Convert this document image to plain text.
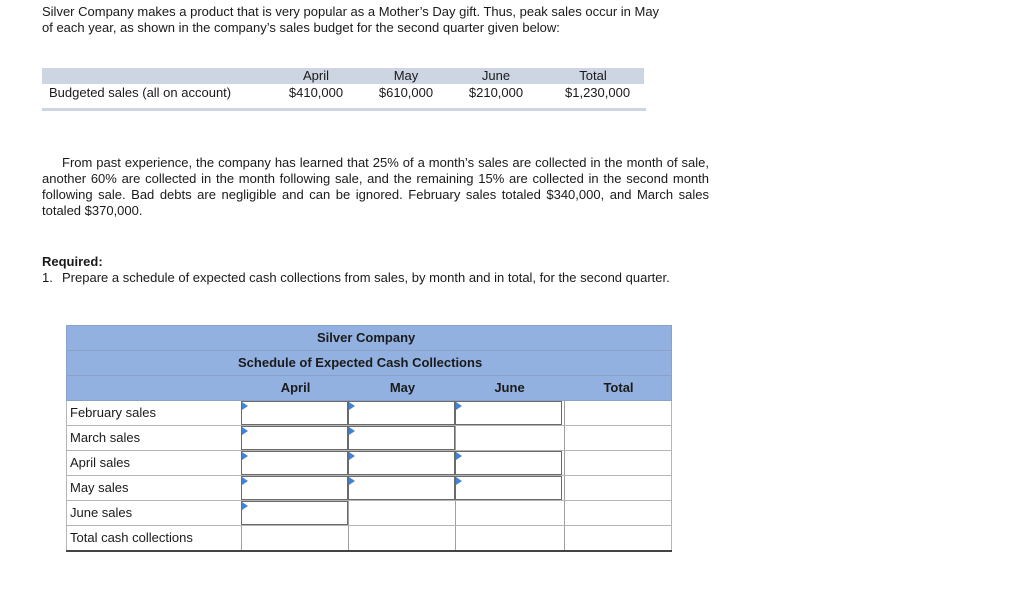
Silver Company makes a product that is very popular as a Mother’s Day gift. Thus, peak sales occur in May
of each year, as shown in the company’s sales budget for the second quarter given below:

April	May	June	Total
Budgeted sales (all on account)	$410,000	$610,000	$210,000	$1,230,000

From past experience, the company has learned that 25% of a month’s sales are collected in the month of sale, another 60% are collected in the month following sale, and the remaining 15% are collected in the second month following sale. Bad debts are negligible and can be ignored. February sales totaled $340,000, and March sales totaled $370,000.

Required:

1. Prepare a schedule of expected cash collections from sales, by month and in total, for the second quarter.
Silver Company
Schedule of Expected Cash Collections
April	May	June	Total
February sales
March sales
April sales
May sales
June sales
Total cash collections
